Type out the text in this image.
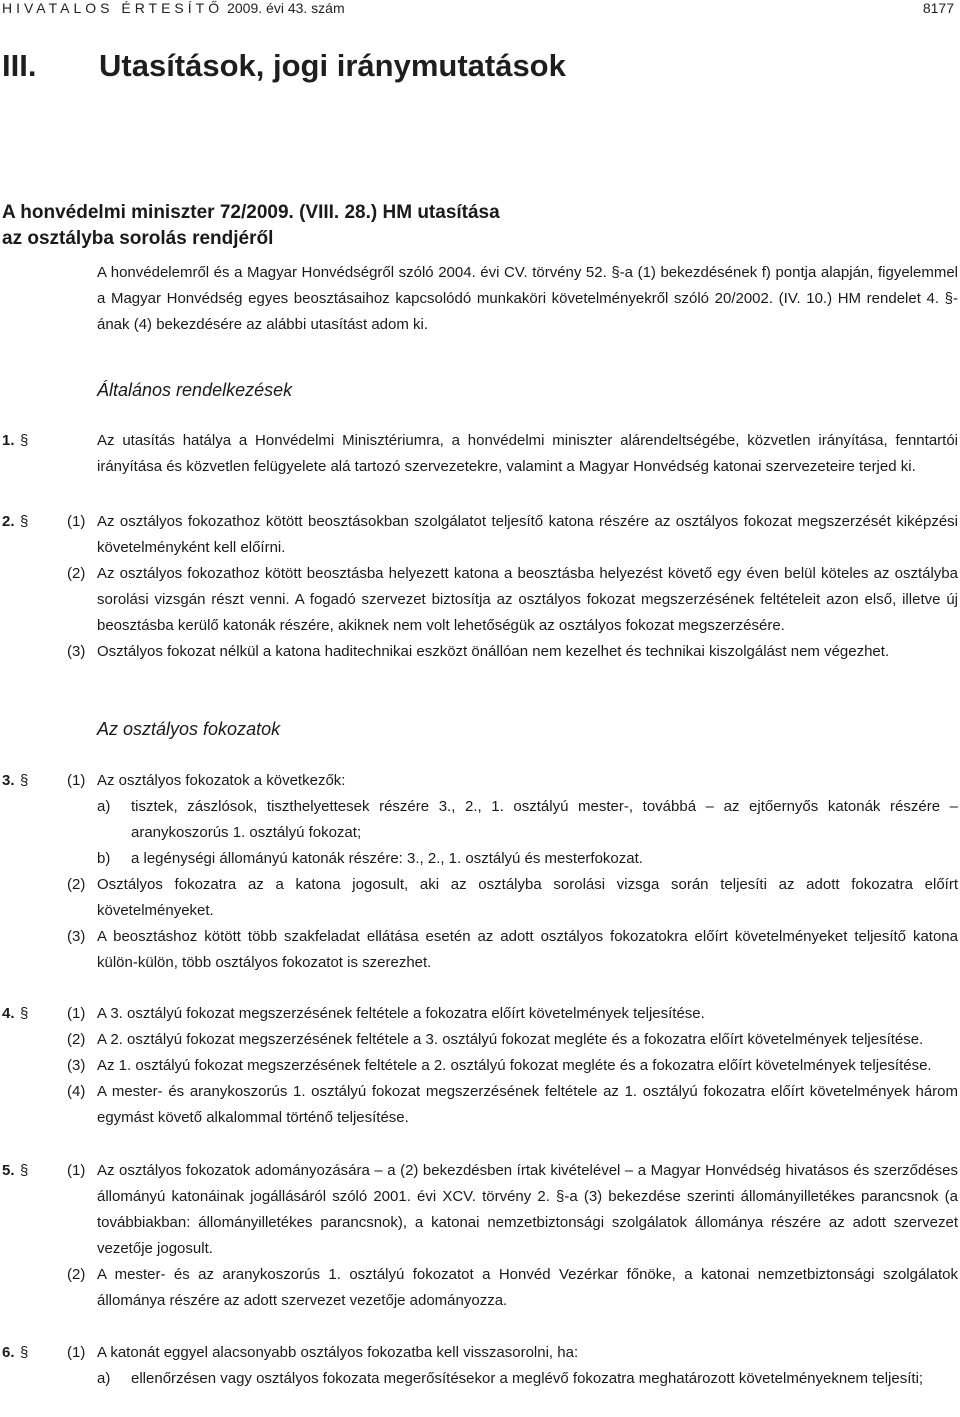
HIVATALOS ÉRTESÍTŐ 2009. évi 43. szám	8177
III. Utasítások, jogi iránymutatások
A honvédelmi miniszter 72/2009. (VIII. 28.) HM utasítása
az osztályba sorolás rendjéről
A honvédelemről és a Magyar Honvédségről szóló 2004. évi CV. törvény 52. §-a (1) bekezdésének f) pontja alapján, figyelemmel a Magyar Honvédség egyes beosztásaihoz kapcsolódó munkaköri követelményekről szóló 20/2002. (IV. 10.) HM rendelet 4. §-ának (4) bekezdésére az alábbi utasítást adom ki.
Általános rendelkezések
1. §	Az utasítás hatálya a Honvédelmi Minisztériumra, a honvédelmi miniszter alárendeltségébe, közvetlen irányítása, fenntartói irányítása és közvetlen felügyelete alá tartozó szervezetekre, valamint a Magyar Honvédség katonai szervezeteire terjed ki.
2. §	(1) Az osztályos fokozathoz kötött beosztásokban szolgálatot teljesítő katona részére az osztályos fokozat megszerzését kiképzési követelményként kell előírni.
(2) Az osztályos fokozathoz kötött beosztásba helyezett katona a beosztásba helyezést követő egy éven belül köteles az osztályba sorolási vizsgán részt venni. A fogadó szervezet biztosítja az osztályos fokozat megszerzésének feltételeit azon első, illetve új beosztásba kerülő katonák részére, akiknek nem volt lehetőségük az osztályos fokozat megszerzésére.
(3) Osztályos fokozat nélkül a katona haditechnikai eszközt önállóan nem kezelhet és technikai kiszolgálást nem végezhet.
Az osztályos fokozatok
3. §	(1) Az osztályos fokozatok a következők:
a) tisztek, zászlósok, tiszthelyettesek részére 3., 2., 1. osztályú mester-, továbbá – az ejtőernyős katonák részére – aranykoszorús 1. osztályú fokozat;
b) a legénységi állományú katonák részére: 3., 2., 1. osztályú és mesterfokozat.
(2) Osztályos fokozatra az a katona jogosult, aki az osztályba sorolási vizsga során teljesíti az adott fokozatra előírt követelményeket.
(3) A beosztáshoz kötött több szakfeladat ellátása esetén az adott osztályos fokozatokra előírt követelményeket teljesítő katona külön-külön, több osztályos fokozatot is szerezhet.
4. §	(1) A 3. osztályú fokozat megszerzésének feltétele a fokozatra előírt követelmények teljesítése.
(2) A 2. osztályú fokozat megszerzésének feltétele a 3. osztályú fokozat megléte és a fokozatra előírt követelmények teljesítése.
(3) Az 1. osztályú fokozat megszerzésének feltétele a 2. osztályú fokozat megléte és a fokozatra előírt követelmények teljesítése.
(4) A mester- és aranykoszorús 1. osztályú fokozat megszerzésének feltétele az 1. osztályú fokozatra előírt követelmények három egymást követő alkalommal történő teljesítése.
5. §	(1) Az osztályos fokozatok adományozására – a (2) bekezdésben írtak kivételével – a Magyar Honvédség hivatásos és szerződéses állományú katonáinak jogállásáról szóló 2001. évi XCV. törvény 2. §-a (3) bekezdése szerinti állományilletékes parancsnok (a továbbiakban: állományilletékes parancsnok), a katonai nemzetbiztonsági szolgálatok állománya részére az adott szervezet vezetője jogosult.
(2) A mester- és az aranykoszorús 1. osztályú fokozatot a Honvéd Vezérkar főnöke, a katonai nemzetbiztonsági szolgálatok állománya részére az adott szervezet vezetője adományozza.
6. §	(1) A katonát eggyel alacsonyabb osztályos fokozatba kell visszasorolni, ha:
a) ellenőrzésen vagy osztályos fokozata megerősítésekor a meglévő fokozatra meghatározott követelményeknem teljesíti;
